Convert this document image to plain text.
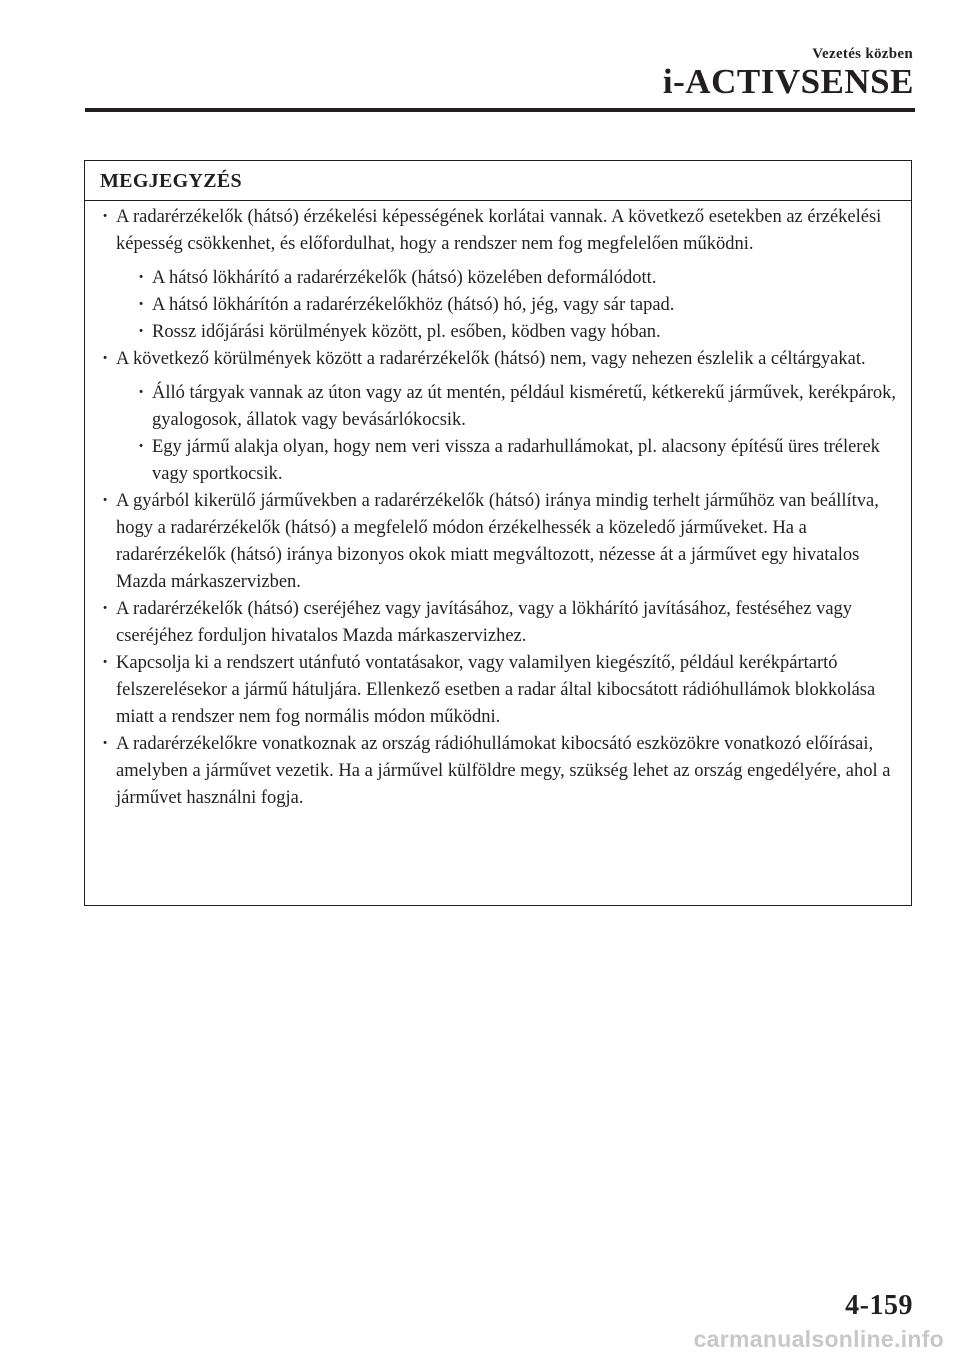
Vezetés közben
i-ACTIVSENSE
MEGJEGYZÉS
· A radarérzékelők (hátsó) érzékelési képességének korlátai vannak. A következő esetekben az érzékelési képesség csökkenhet, és előfordulhat, hogy a rendszer nem fog megfelelően működni.
· A hátsó lökhárító a radarérzékelők (hátsó) közelében deformálódott.
· A hátsó lökhárítón a radarérzékelőkhöz (hátsó) hó, jég, vagy sár tapad.
· Rossz időjárási körülmények között, pl. esőben, ködben vagy hóban.
· A következő körülmények között a radarérzékelők (hátsó) nem, vagy nehezen észlelik a céltárgyakat.
· Álló tárgyak vannak az úton vagy az út mentén, például kisméretű, kétkerekű járművek, kerékpárok, gyalogosok, állatok vagy bevásárlókocsik.
· Egy jármű alakja olyan, hogy nem veri vissza a radarhullámokat, pl. alacsony építésű üres trélerek vagy sportkocsik.
· A gyárból kikerülő járművekben a radarérzékelők (hátsó) iránya mindig terhelt járműhöz van beállítva, hogy a radarérzékelők (hátsó) a megfelelő módon érzékelhessék a közeledő járműveket. Ha a radarérzékelők (hátsó) iránya bizonyos okok miatt megváltozott, nézesse át a járművet egy hivatalos Mazda márkaszervizben.
· A radarérzékelők (hátsó) cseréjéhez vagy javításához, vagy a lökhárító javításához, festéséhez vagy cseréjéhez forduljon hivatalos Mazda márkaszervizhez.
· Kapcsolja ki a rendszert utánfutó vontatásakor, vagy valamilyen kiegészítő, például kerékpártartó felszerelésekor a jármű hátuljára. Ellenkező esetben a radar által kibocsátott rádióhullámok blokkolása miatt a rendszer nem fog normális módon működni.
· A radarérzékelőkre vonatkoznak az ország rádióhullámokat kibocsátó eszközökre vonatkozó előírásai, amelyben a járművet vezetik. Ha a járművel külföldre megy, szükség lehet az ország engedélyére, ahol a járművet használni fogja.
4-159
carmanualsonline.info
